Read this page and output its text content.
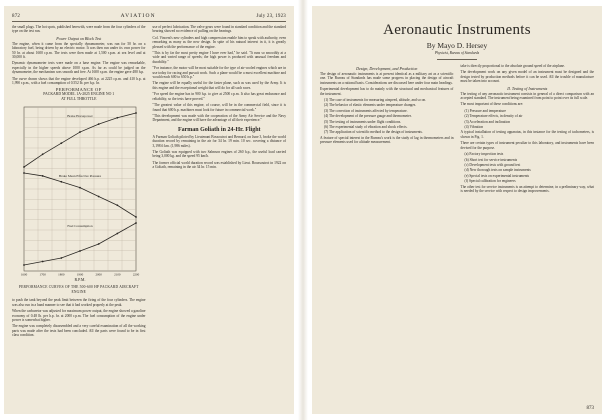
872	AVIATION	July 23, 1923

the small plugs. The hot spots, published herewith, were made from the four cylinders of the type on the test run.

Power Output on Block Test

The engine, when it came from the specially dynamometer, was run for 50 hr. on a laboratory fuel, being driven by an electric motor. It was then run under its own power for 50 hr. at about 1600 r.p.m. The tests were then made at 1,500 r.p.m. at sea level and at 30,000 ft.

Dynamic dynamometer tests were made on a base engine. The engine was remarkable, especially in the higher speeds above 1000 r.p.m. As far as could be judged on the dynamometer, the mechanism was smooth and free. At 1600 r.p.m. the engine gave 480 h.p.

The curve drawn shows that the engine developed 466 h.p. at 2225 r.p.m. and 410 h.p. at 1,990 r.p.m., with a fuel consumption of 0.552 lb. per h.p. hr.

PERFORMANCE OF
PACKARD MODEL 1A-2025 ENGINE NO 1
AT FULL THROTTLE
Brake Horsepower
Brake Mean Effective Pressure
Fuel Consumption
1600	1700	1800	1900	2000	2100	2200
R.P.M.
PERFORMANCE CURVES OF THE 500-600 HP PACKARD AIRCRAFT ENGINE

to push the tank beyond the peak limit between the firing of the four cylinders. The engine was also run in a hand manner to see that it had worked properly at the peak.

When the carburetor was adjusted for maximum power output, the engine showed a gasoline economy of 0.48 lb. per h.p. hr. at 2000 r.p.m. The fuel consumption of the engine under power is somewhat higher.

The engine was completely disassembled and a very careful examination of all the working parts was made after the tests had been concluded. All the parts were found to be in first class condition.

use of perfect lubrication. The valve gears were found in standard condition and the standard bearing showed no evidence of pulling on the bearings.

Col. Vincent's new cylinders and high compression enable him to speak with authority, even remarking as many as the new design. In spite of his natural interest in it, it is greatly pleased with the performance of the engine.

"This is by far the most pretty engine I have ever had," he said. "It runs so smoothly at a wide and varied range of speeds; the high power is produced with unusual freedom and durability."

"For instance, the motor will be most suitable for the type of air-cooled engines which are in use today for racing and pursuit work. Such a plane would be a most excellent machine and would reach 600 to 650 h.p."

The engine will be equally useful for the faster plane, such as was used by the Army. It is this engine and the exceptional weight that will do for all such races.

"For speed the engine has in 900 h.p. to give at 2500 r.p.m. It also has great endurance and reliability, so the tests have proved."

"The greatest value of this engine, of course, will be in the commercial field, since it is found that 600 h.p. machines must look for future in commercial work."

"This development was made with the cooperation of the Army Air Service and the Navy Department, and the engine will have the advantage of all their experience."

Farman Goliath in 24-Hr. Flight

A Farman Goliath piloted by Lieutenant Bossoutrot and Bernard, on June 3, broke the world duration record by remaining in the air for 34 hr. 19 min. 10 sec. covering a distance of 3,198.6 km. (1,986 miles).

The Goliath was equipped with two Salmson engines of 260 h.p., the useful load carried being 3,000 kg. and the speed 95 km/h.

The former official world duration record was established by Lieut. Boussoutrot in 1922 on a Goliath, remaining in the air 34 hr. 15 min.

Aeronautic Instruments
By Mayo D. Hersey
Physicist, Bureau of Standards
Design, Development, and Production

The design of aeronautic instruments is at present identical as a military art as a scientific one. The Bureau of Standards has made some progress in placing the design of aircraft instruments on a rational basis. Considerations are discussed here under four main headings.

Experimental development has to do mainly with the structural and mechanical features of the instrument.

(1) The case of instruments for measuring airspeed, altitude, and so on.
(2) The behavior of elastic elements under temperature changes.
(3) The correction of instruments affected by temperature.
(4) The development of the pressure gauge and thermometer.
(5) The testing of instruments under flight conditions.
(6) The experimental study of vibration and shock effects.
(7) The application of scientific method to the design of instruments.

A feature of special interest in the Bureau's work is the study of lag in thermometers and in pressure elements used for altitude measurement.

take is directly proportional to the absolute ground speed of the airplane.

The development work on any given model of an instrument must be designed and the design tested by production methods before it can be used. All the trouble of manufacture must be taken into account.

II. Testing of Instruments

The testing of any aeronautic instrument consists in general of a direct comparison with an accepted standard. The instrument being examined from point to point over its full scale.

The most important of these conditions are:

(1) Pressure and temperature
(2) Temperature effects, in density of air
(3) Acceleration and inclination
(4) Vibration

A typical installation of testing apparatus, in this instance for the testing of tachometers, is shown in Fig. 1.

There are certain types of instrument peculiar to this laboratory, and instruments have been devised for the purpose.

(a) Factory inspection tests
(b) Short test for service instruments
(c) Development tests with ground test
(d) New thorough tests on sample instruments
(e) Special tests on experimental instruments
(f) Special calibration for engineers

The other test for service instruments is an attempt to determine, in a preliminary way, what is needed by the service with respect to design improvements.

873
